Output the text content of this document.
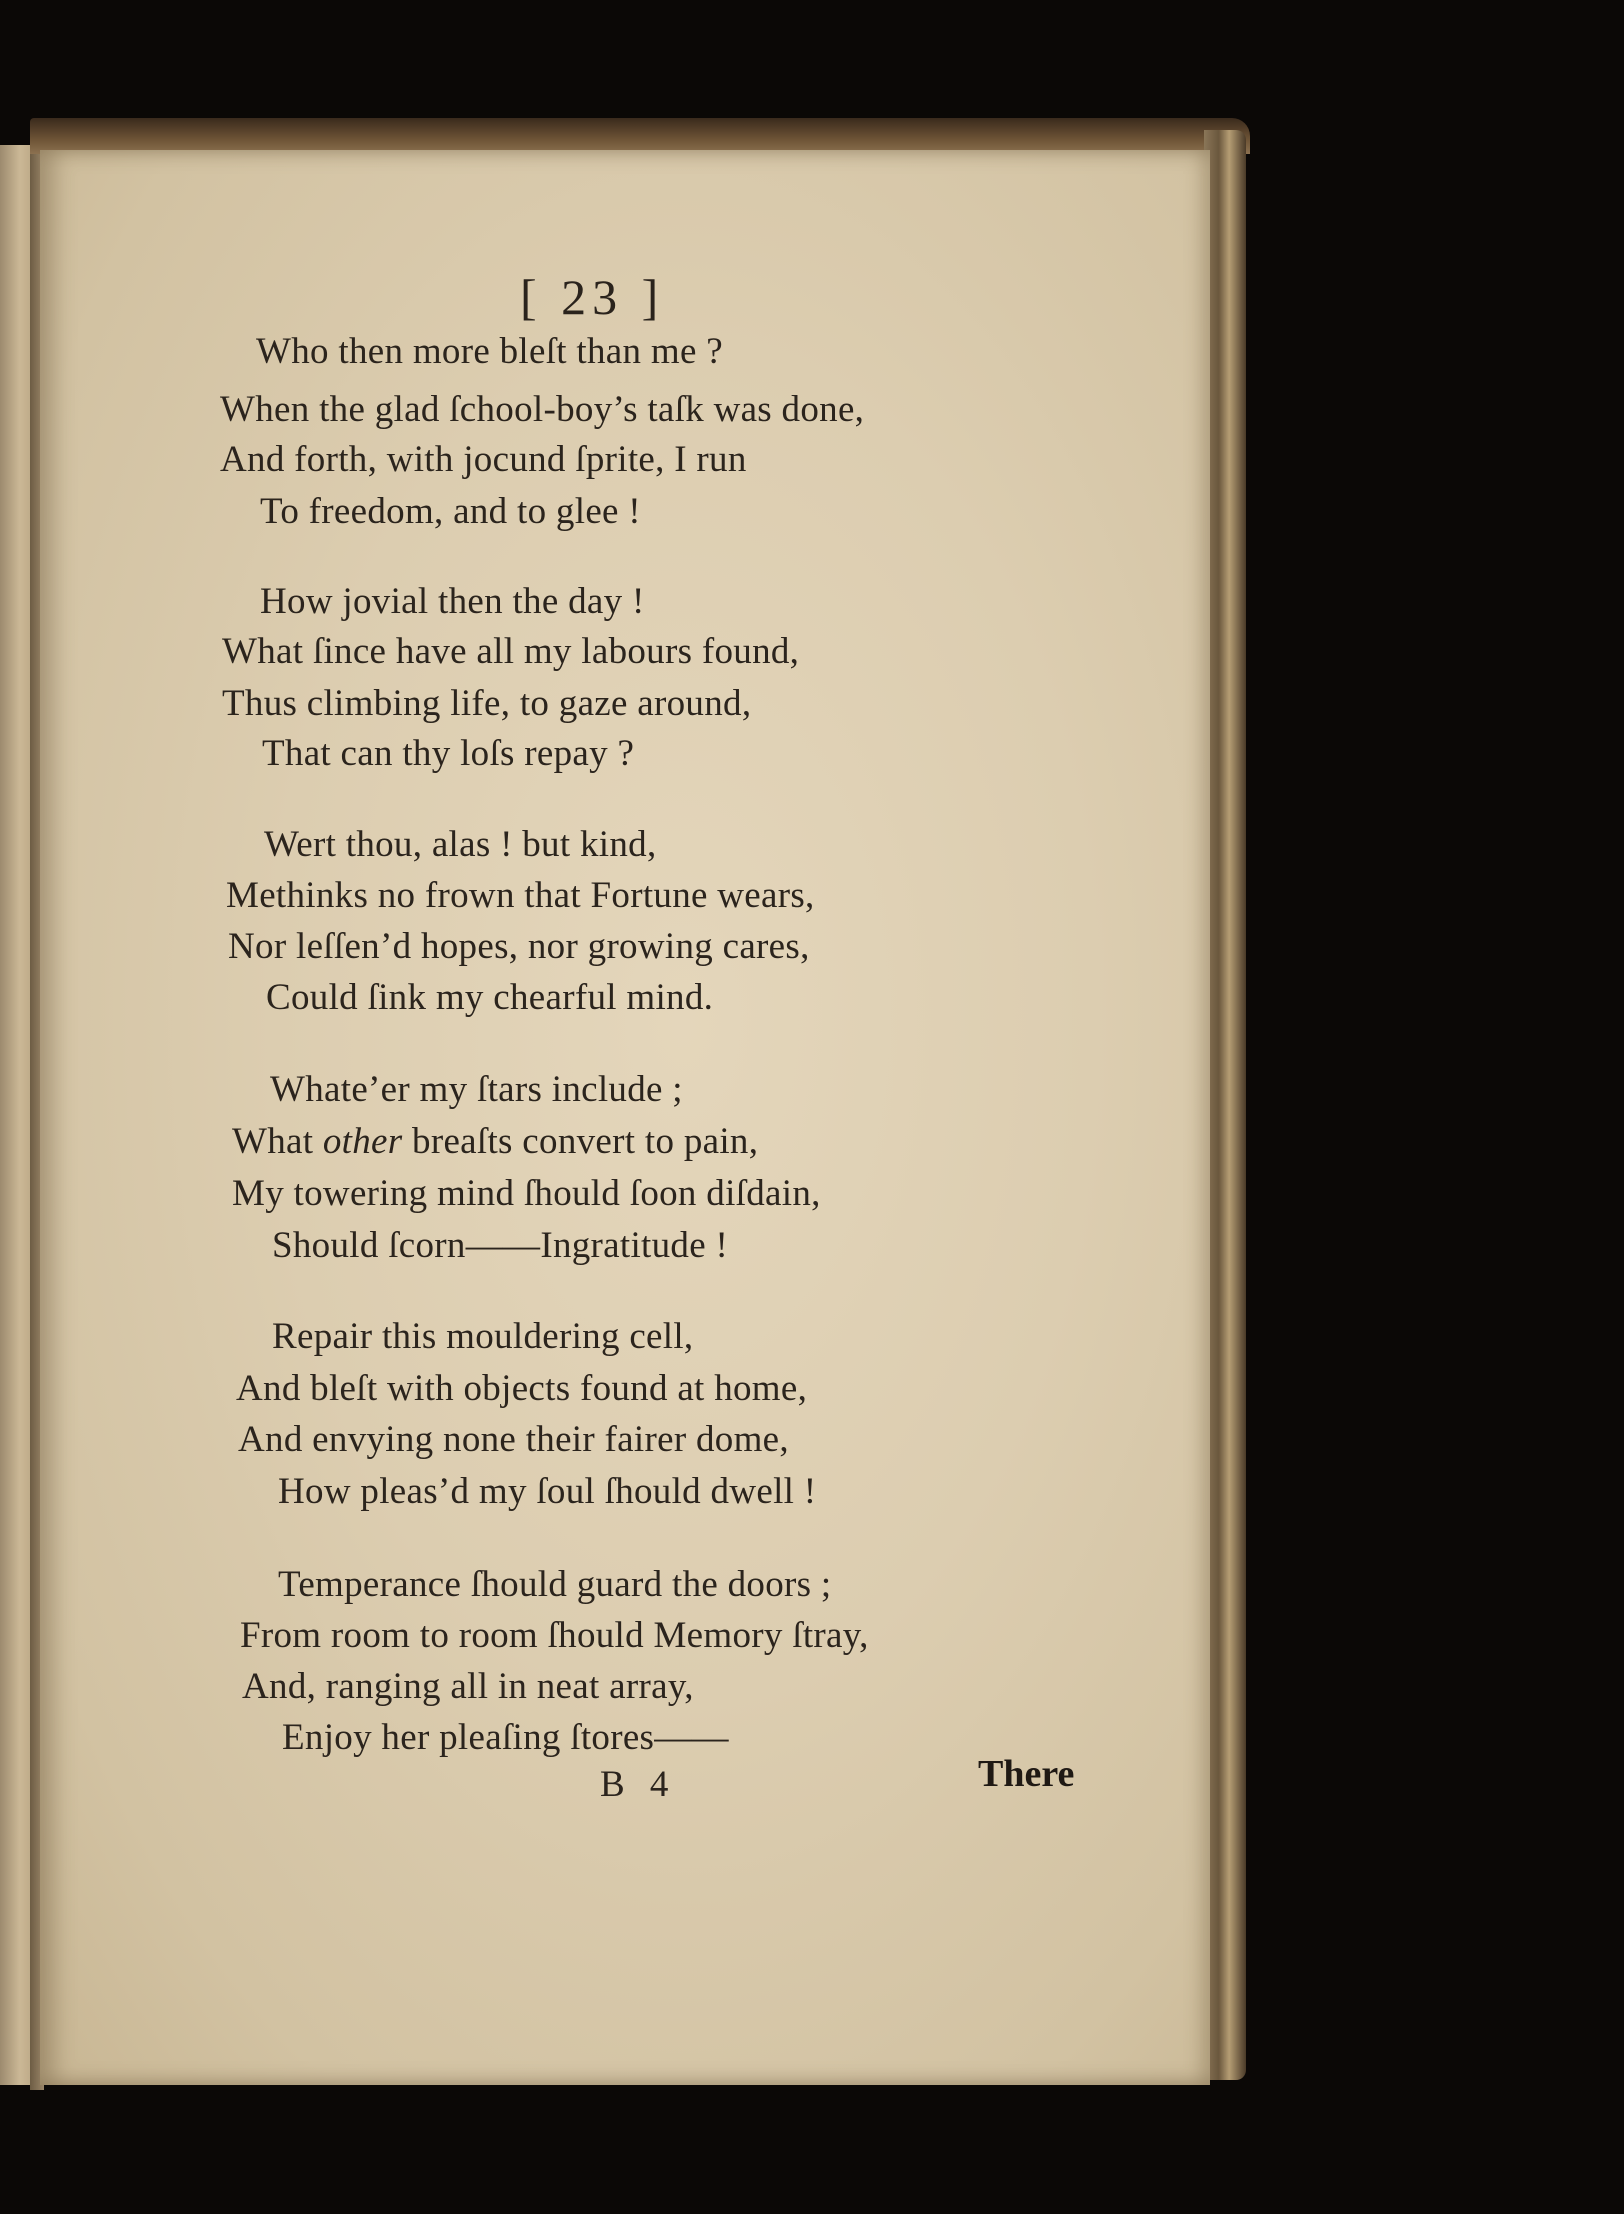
[ 23 ]
Who then more bleſt than me ?
When the glad ſchool-boy’s taſk was done,
And forth, with jocund ſprite, I run
To freedom, and to glee !
How jovial then the day !
What ſince have all my labours found,
Thus climbing life, to gaze around,
That can thy loſs repay ?
Wert thou, alas ! but kind,
Methinks no frown that Fortune wears,
Nor leſſen’d hopes, nor growing cares,
Could ſink my chearful mind.
Whate’er my ſtars include ;
What other breaſts convert to pain,
My towering mind ſhould ſoon diſdain,
Should ſcorn——Ingratitude !
Repair this mouldering cell,
And bleſt with objects found at home,
And envying none their fairer dome,
How pleas’d my ſoul ſhould dwell !
Temperance ſhould guard the doors ;
From room to room ſhould Memory ſtray,
And, ranging all in neat array,
Enjoy her pleaſing ſtores——
B 4	There
